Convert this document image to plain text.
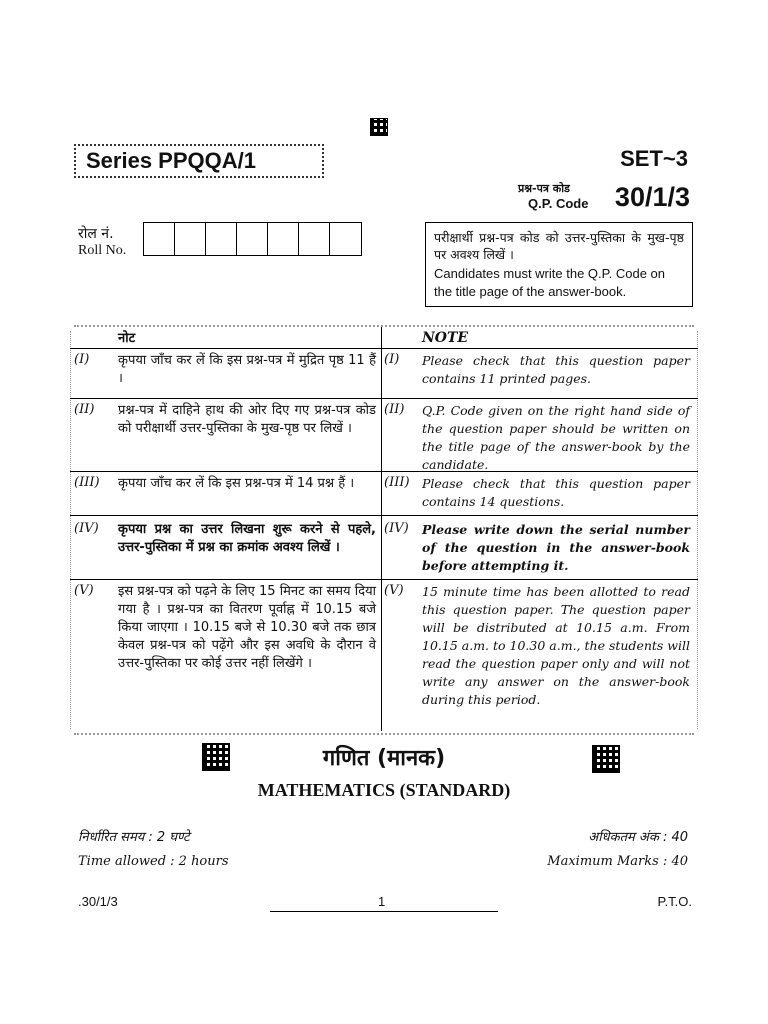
Series PPQQA/1	SET~3
प्रश्न-पत्र कोड
Q.P. Code 30/1/3
रोल नं.
Roll No.
परीक्षार्थी प्रश्न-पत्र कोड को उत्तर-पुस्तिका के मुख-पृष्ठ पर अवश्य लिखें ।
Candidates must write the Q.P. Code on the title page of the answer-book.
नोट	NOTE
(I) कृपया जाँच कर लें कि इस प्रश्न-पत्र में मुद्रित पृष्ठ 11 हैं ।
(I) Please check that this question paper contains 11 printed pages.
(II) प्रश्न-पत्र में दाहिने हाथ की ओर दिए गए प्रश्न-पत्र कोड को परीक्षार्थी उत्तर-पुस्तिका के मुख-पृष्ठ पर लिखें ।
(II) Q.P. Code given on the right hand side of the question paper should be written on the title page of the answer-book by the candidate.
(III) कृपया जाँच कर लें कि इस प्रश्न-पत्र में 14 प्रश्न हैं ।	(III) Please check that this question paper contains 14 questions.
(IV) कृपया प्रश्न का उत्तर लिखना शुरू करने से पहले, उत्तर-पुस्तिका में प्रश्न का क्रमांक अवश्य लिखें ।
(IV) Please write down the serial number of the question in the answer-book before attempting it.
(V) इस प्रश्न-पत्र को पढ़ने के लिए 15 मिनट का समय दिया गया है । प्रश्न-पत्र का वितरण पूर्वाह्न में 10.15 बजे किया जाएगा । 10.15 बजे से 10.30 बजे तक छात्र केवल प्रश्न-पत्र को पढ़ेंगे और इस अवधि के दौरान वे उत्तर-पुस्तिका पर कोई उत्तर नहीं लिखेंगे ।
(V) 15 minute time has been allotted to read this question paper. The question paper will be distributed at 10.15 a.m. From 10.15 a.m. to 10.30 a.m., the students will read the question paper only and will not write any answer on the answer-book during this period.
गणित (मानक)
MATHEMATICS (STANDARD)
निर्धारित समय : 2 घण्टे	अधिकतम अंक : 40
Time allowed : 2 hours	Maximum Marks : 40
.30/1/3	1	P.T.O.
